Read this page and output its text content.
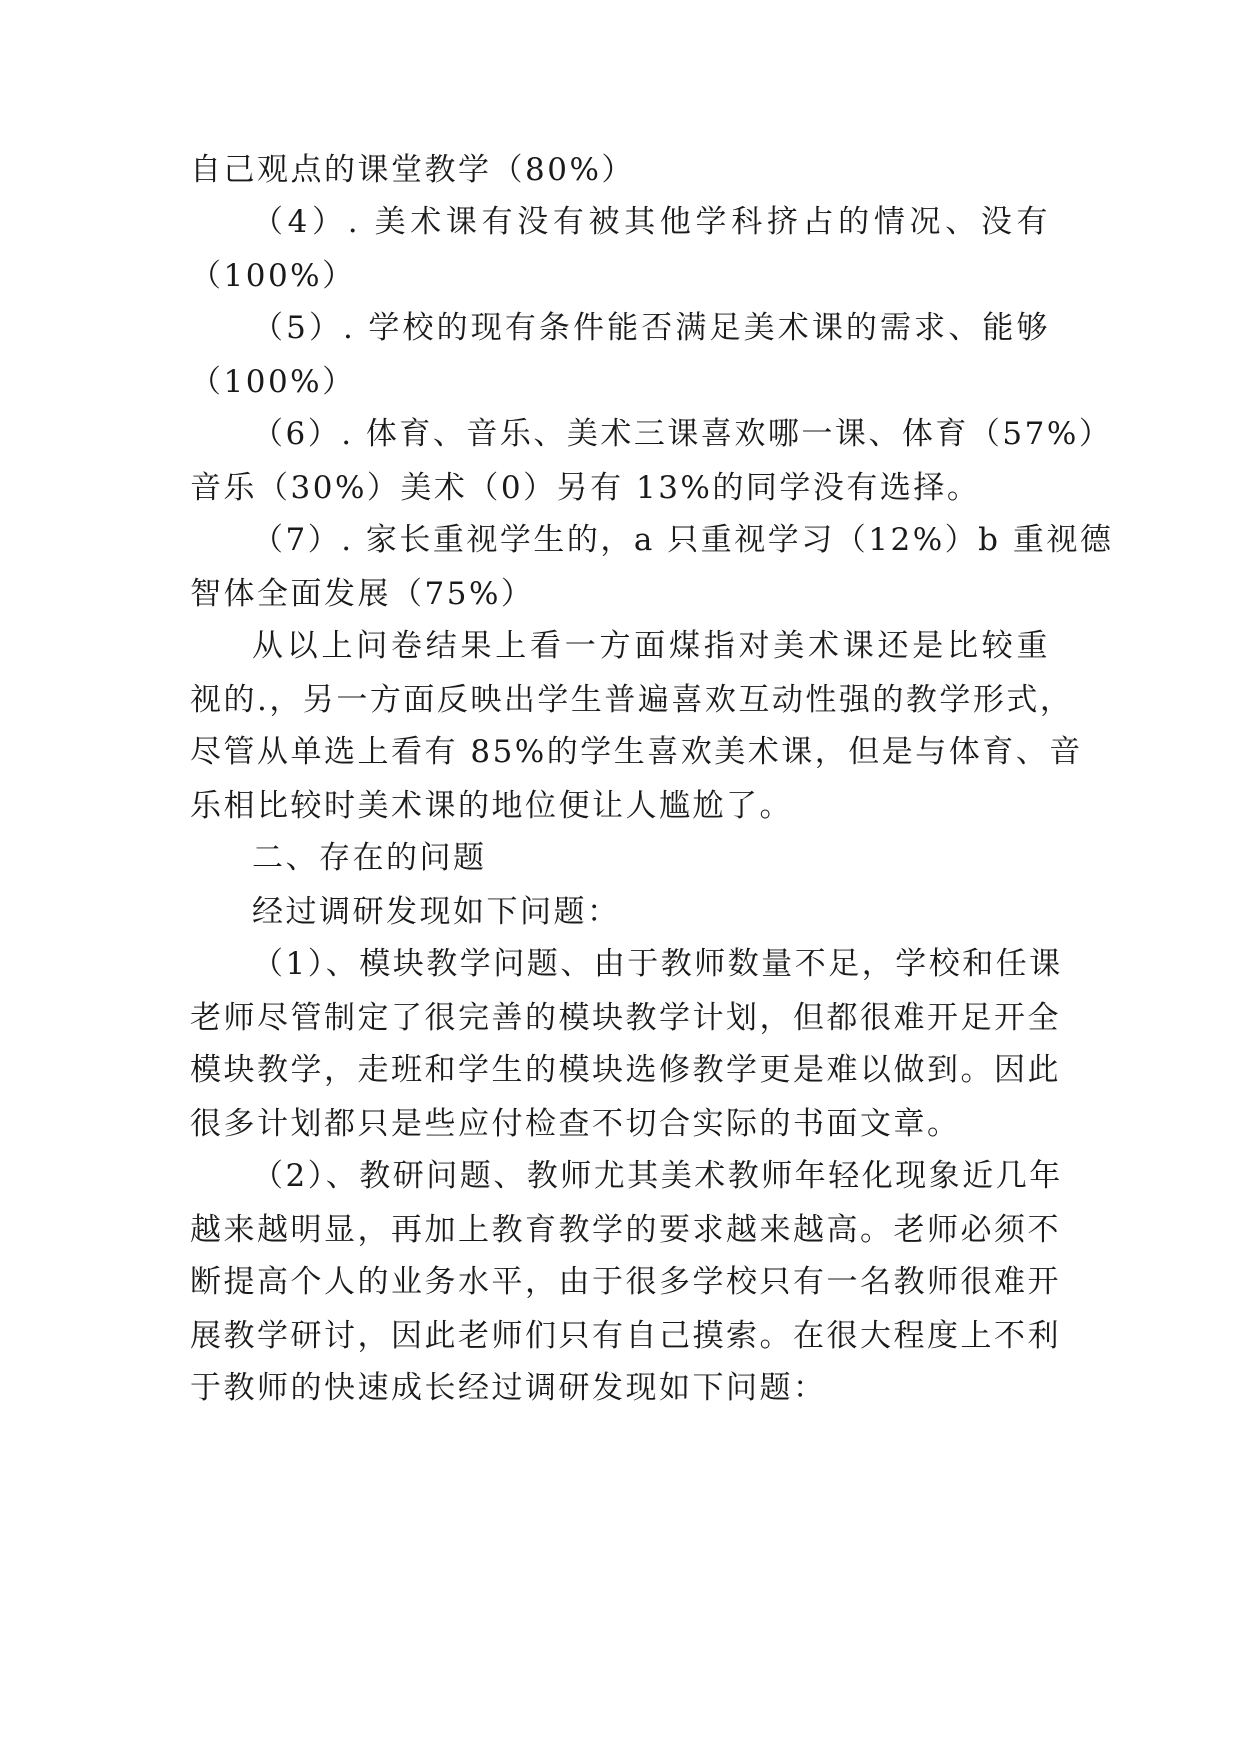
自己观点的课堂教学（80%）
（4）. 美术课有没有被其他学科挤占的情况、没有
（100%）
（5）. 学校的现有条件能否满足美术课的需求、能够
（100%）
（6）. 体育、音乐、美术三课喜欢哪一课、体育（57%）
音乐（30%）美术（0）另有 13%的同学没有选择。
（7）. 家长重视学生的，a 只重视学习（12%）b 重视德
智体全面发展（75%）
从以上问卷结果上看一方面煤指对美术课还是比较重
视的.，另一方面反映出学生普遍喜欢互动性强的教学形式，
尽管从单选上看有 85%的学生喜欢美术课，但是与体育、音
乐相比较时美术课的地位便让人尴尬了。
二、存在的问题
经过调研发现如下问题：
（1）、模块教学问题、由于教师数量不足，学校和任课
老师尽管制定了很完善的模块教学计划，但都很难开足开全
模块教学，走班和学生的模块选修教学更是难以做到。因此
很多计划都只是些应付检查不切合实际的书面文章。
（2）、教研问题、教师尤其美术教师年轻化现象近几年
越来越明显，再加上教育教学的要求越来越高。老师必须不
断提高个人的业务水平，由于很多学校只有一名教师很难开
展教学研讨，因此老师们只有自己摸索。在很大程度上不利
于教师的快速成长经过调研发现如下问题：
